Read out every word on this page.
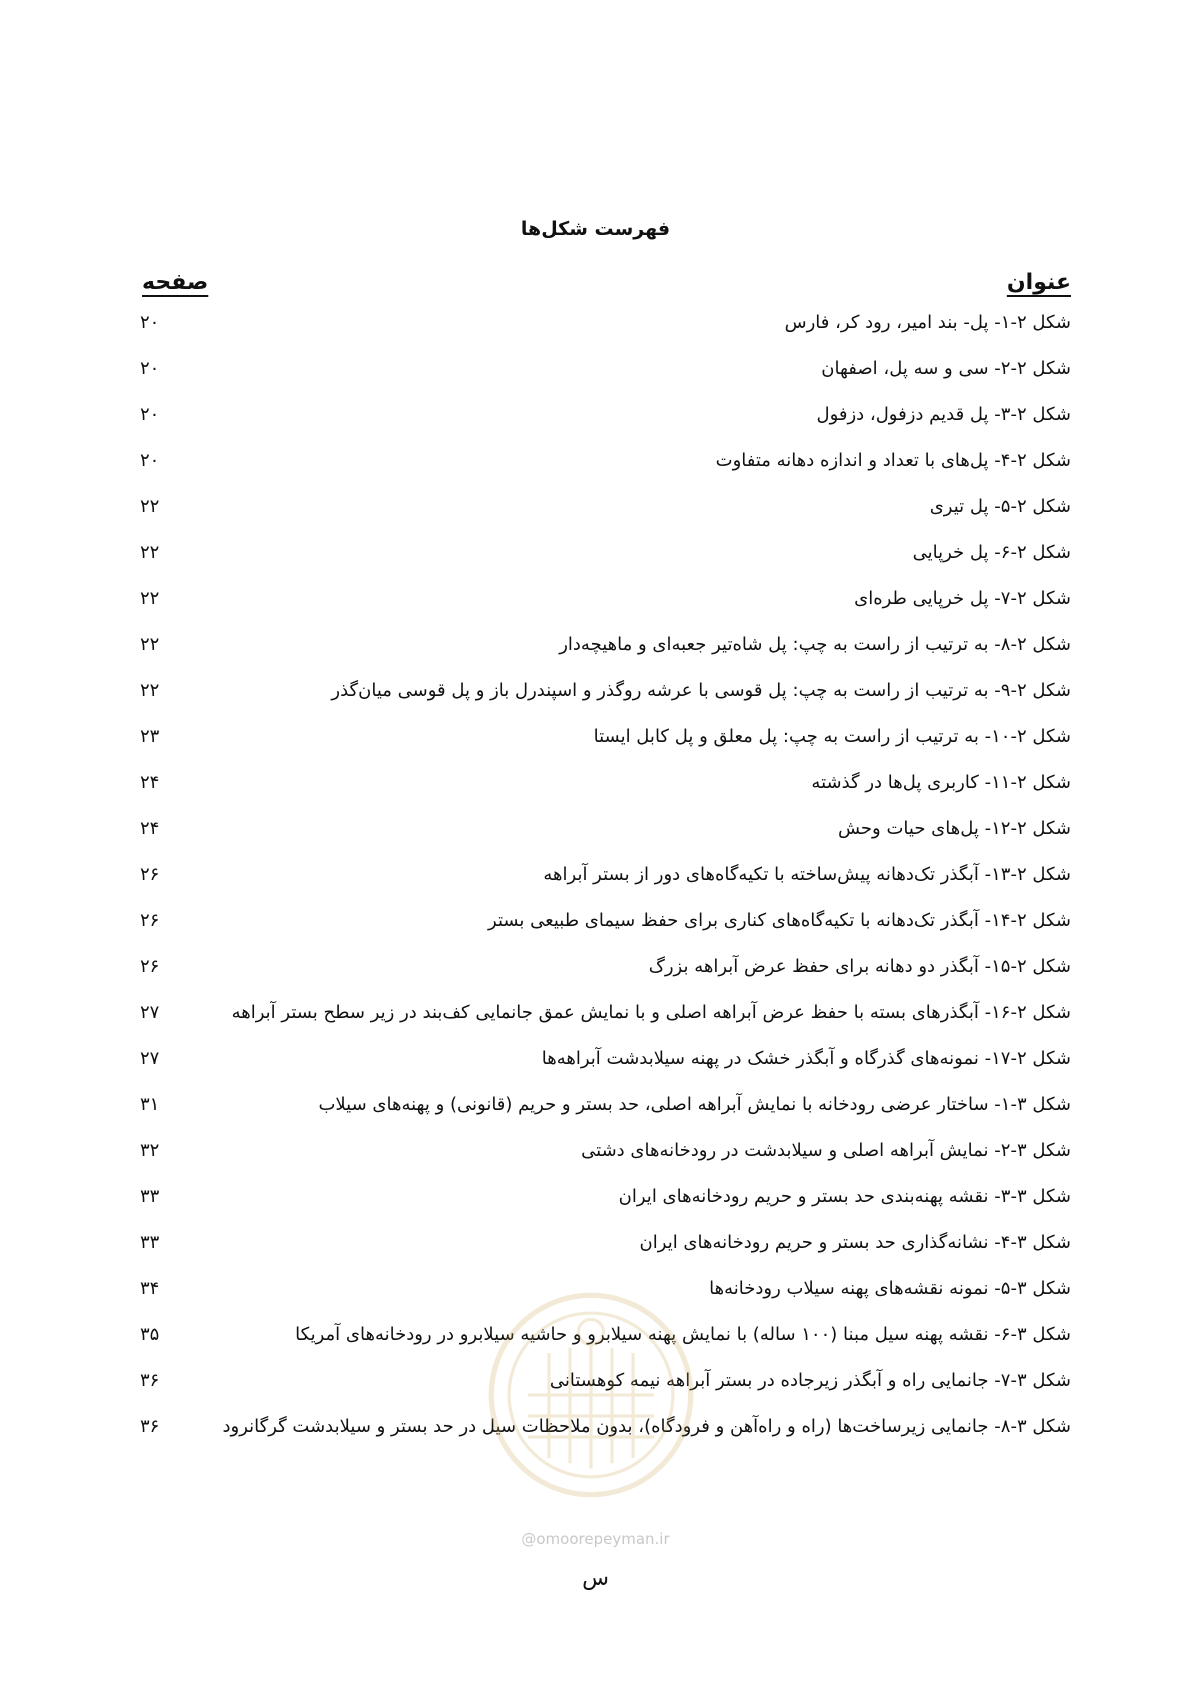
فهرست شکل‌ها
عنوان
صفحه
شکل ۲-۱- پل- بند امیر، رود کر، فارس
۲۰
شکل ۲-۲- سی و سه پل، اصفهان
۲۰
شکل ۲-۳- پل قدیم دزفول، دزفول
۲۰
شکل ۲-۴- پل‌های با تعداد و اندازه دهانه متفاوت
۲۰
شکل ۲-۵- پل تیری
۲۲
شکل ۲-۶- پل خرپایی
۲۲
شکل ۲-۷- پل خرپایی طره‌ای
۲۲
شکل ۲-۸- به ترتیب از راست به چپ: پل شاه‌تیر جعبه‌ای و ماهیچه‌دار
۲۲
شکل ۲-۹- به ترتیب از راست به چپ: پل قوسی با عرشه روگذر و اسپندرل باز و پل قوسی میان‌گذر
۲۲
شکل ۲-۱۰- به ترتیب از راست به چپ: پل معلق و پل کابل ایستا
۲۳
شکل ۲-۱۱- کاربری پل‌ها در گذشته
۲۴
شکل ۲-۱۲- پل‌های حیات وحش
۲۴
شکل ۲-۱۳- آبگذر تک‌دهانه پیش‌ساخته با تکیه‌گاه‌های دور از بستر آبراهه
۲۶
شکل ۲-۱۴- آبگذر تک‌دهانه با تکیه‌گاه‌های کناری برای حفظ سیمای طبیعی بستر
۲۶
شکل ۲-۱۵- آبگذر دو دهانه برای حفظ عرض آبراهه بزرگ
۲۶
شکل ۲-۱۶- آبگذرهای بسته با حفظ عرض آبراهه اصلی و با نمایش عمق جانمایی کف‌بند در زیر سطح بستر آبراهه
۲۷
شکل ۲-۱۷- نمونه‌های گذرگاه و آبگذر خشک در پهنه سیلابدشت آبراهه‌ها
۲۷
شکل ۳-۱- ساختار عرضی رودخانه با نمایش آبراهه اصلی، حد بستر و حریم (قانونی) و پهنه‌های سیلاب
۳۱
شکل ۳-۲- نمایش آبراهه اصلی و سیلابدشت در رودخانه‌های دشتی
۳۲
شکل ۳-۳- نقشه پهنه‌بندی حد بستر و حریم رودخانه‌های ایران
۳۳
شکل ۳-۴- نشانه‌گذاری حد بستر و حریم رودخانه‌های ایران
۳۳
شکل ۳-۵- نمونه نقشه‌های پهنه سیلاب رودخانه‌ها
۳۴
شکل ۳-۶- نقشه پهنه سیل مبنا (۱۰۰ ساله) با نمایش پهنه سیلابرو و حاشیه سیلابرو در رودخانه‌های آمریکا
۳۵
شکل ۳-۷- جانمایی راه و آبگذر زیرجاده در بستر آبراهه نیمه کوهستانی
۳۶
شکل ۳-۸- جانمایی زیرساخت‌ها (راه و راه‌آهن و فرودگاه)، بدون ملاحظات سیل در حد بستر و سیلابدشت گرگانرود
۳۶
@omoorepeyman.ir
س
